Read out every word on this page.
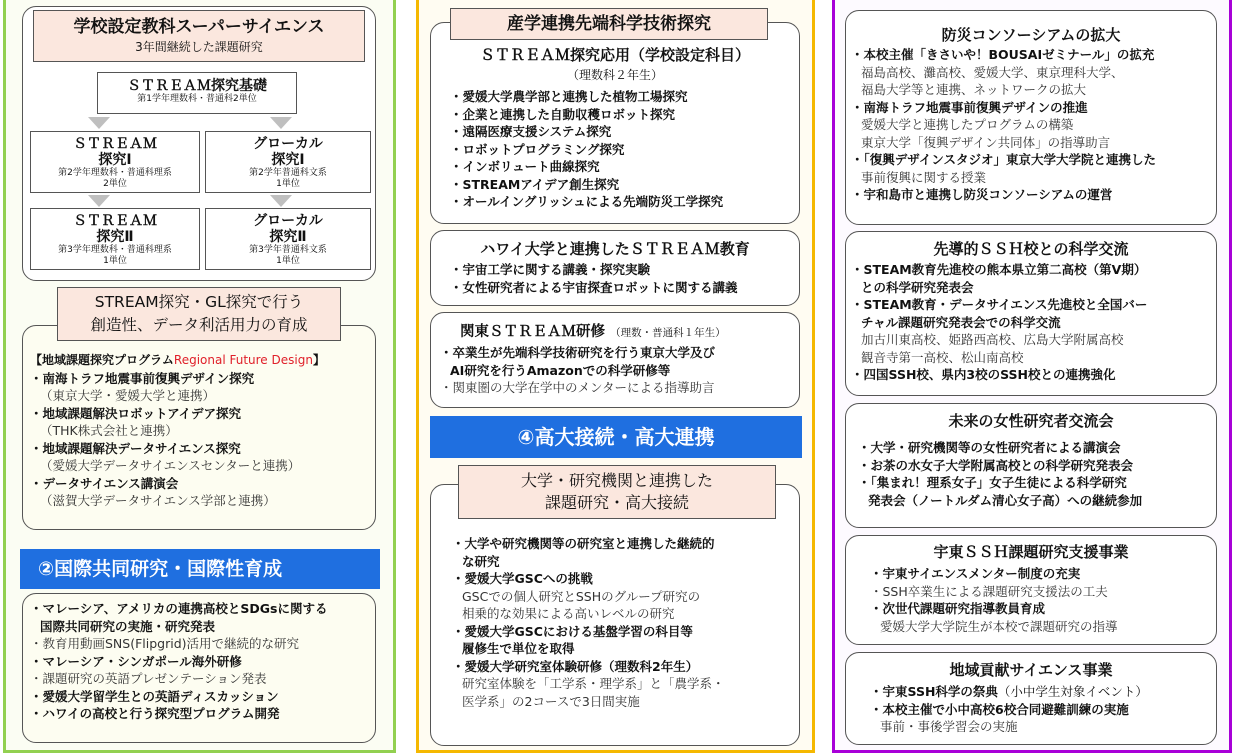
学校設定教科スーパーサイエンス
3年間継続した課題研究
ＳＴＲＥＡＭ探究基礎
第1学年理数科・普通科2単位
ＳＴＲＥＡＭ
探究Ⅰ
第2学年理数科・普通科理系
2単位
グローカル
探究Ⅰ
第2学年普通科文系
1単位
ＳＴＲＥＡＭ
探究Ⅱ
第3学年理数科・普通科理系
1単位
グローカル
探究Ⅱ
第3学年普通科文系
1単位
STREAM探究・GL探究で行う
創造性、データ利活用力の育成
【地域課題探究プログラムRegional Future Design】
・南海トラフ地震事前復興デザイン探究
（東京大学・愛媛大学と連携）
・地域課題解決ロボットアイデア探究
（THK株式会社と連携）
・地域課題解決データサイエンス探究
（愛媛大学データサイエンスセンターと連携）
・データサイエンス講演会
（滋賀大学データサイエンス学部と連携）
②国際共同研究・国際性育成
・マレーシア、アメリカの連携高校とSDGsに関する
国際共同研究の実施・研究発表
・教育用動画SNS(Flipgrid)活用で継続的な研究
・マレーシア・シンガポール海外研修
・課題研究の英語プレゼンテーション発表
・愛媛大学留学生との英語ディスカッション
・ハワイの高校と行う探究型プログラム開発
産学連携先端科学技術探究
ＳＴＲＥＡＭ探究応用（学校設定科目）
（理数科２年生）
・愛媛大学農学部と連携した植物工場探究
・企業と連携した自動収穫ロボット探究
・遠隔医療支援システム探究
・ロボットプログラミング探究
・インボリュート曲線探究
・STREAMアイデア創生探究
・オールイングリッシュによる先端防災工学探究
ハワイ大学と連携したＳＴＲＥＡＭ教育
・宇宙工学に関する講義・探究実験
・女性研究者による宇宙探査ロボットに関する講義
関東ＳＴＲＥＡＭ研修 （理数・普通科１年生）
・卒業生が先端科学技術研究を行う東京大学及び
AI研究を行うAmazonでの科学研修等
・関東圏の大学在学中のメンターによる指導助言
④高大接続・高大連携
大学・研究機関と連携した
課題研究・高大接続
・大学や研究機関等の研究室と連携した継続的
な研究
・愛媛大学GSCへの挑戦
GSCでの個人研究とSSHのグループ研究の
相乗的な効果による高いレベルの研究
・愛媛大学GSCにおける基盤学習の科目等
履修生で単位を取得
・愛媛大学研究室体験研修（理数科2年生）
研究室体験を「工学系・理学系」と「農学系・
医学系」の2コースで3日間実施
防災コンソーシアムの拡大
・本校主催「きさいや！BOUSAIゼミナール」の拡充
福島高校、灘高校、愛媛大学、東京理科大学、
福島大学等と連携、ネットワークの拡大
・南海トラフ地震事前復興デザインの推進
愛媛大学と連携したプログラムの構築
東京大学「復興デザイン共同体」の指導助言
・「復興デザインスタジオ」東京大学大学院と連携した
事前復興に関する授業
・宇和島市と連携し防災コンソーシアムの運営
先導的ＳＳＨ校との科学交流
・STEAM教育先進校の熊本県立第二高校（第Ⅴ期）
との科学研究発表会
・STEAM教育・データサイエンス先進校と全国バー
チャル課題研究発表会での科学交流
加古川東高校、姫路西高校、広島大学附属高校
観音寺第一高校、松山南高校
・四国SSH校、県内3校のSSH校との連携強化
未来の女性研究者交流会
・大学・研究機関等の女性研究者による講演会
・お茶の水女子大学附属高校との科学研究発表会
・「集まれ！理系女子」女子生徒による科学研究
発表会（ノートルダム清心女子高）への継続参加
宇東ＳＳＨ課題研究支援事業
・宇東サイエンスメンター制度の充実
・SSH卒業生による課題研究支援法の工夫
・次世代課題研究指導教員育成
愛媛大学大学院生が本校で課題研究の指導
地域貢献サイエンス事業
・宇東SSH科学の祭典（小中学生対象イベント）
・本校主催で小中高校6校合同避難訓練の実施
事前・事後学習会の実施
